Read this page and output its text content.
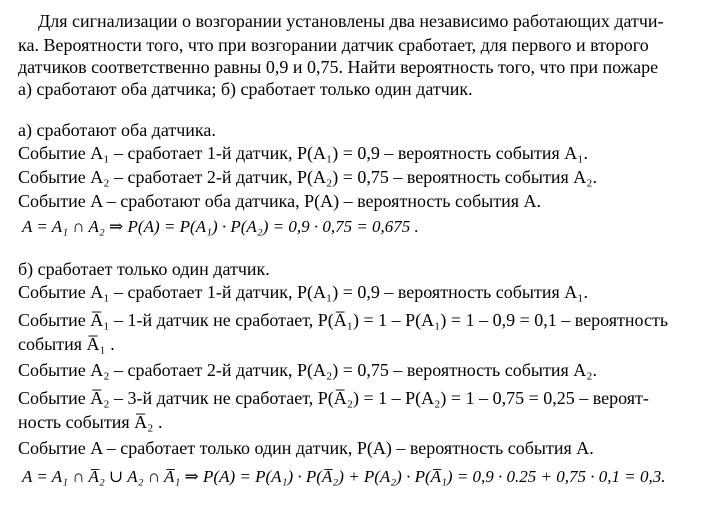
Для сигнализации о возгорании установлены два независимо работающих датчи-
ка. Вероятности того, что при возгорании датчик сработает, для первого и второго
датчиков соответственно равны 0,9 и 0,75. Найти вероятность того, что при пожаре
а) сработают оба датчика; б) сработает только один датчик.
а) сработают оба датчика.
Событие A₁ – сработает 1-й датчик, P(A₁) = 0,9 – вероятность события A₁.
Событие A₂ – сработает 2-й датчик, P(A₂) = 0,75 – вероятность события A₂.
Событие A – сработают оба датчика, P(A) – вероятность события A.
A = A₁ ∩ A₂ ⇒ P(A) = P(A₁) · P(A₂) = 0,9 · 0,75 = 0,675 .
б) сработает только один датчик.
Событие A₁ – сработает 1-й датчик, P(A₁) = 0,9 – вероятность события A₁.
Событие A̅₁ – 1-й датчик не сработает, P(A̅₁) = 1 – P(A₁) = 1 – 0,9 = 0,1 – вероятность
события A̅₁ .
Событие A₂ – сработает 2-й датчик, P(A₂) = 0,75 – вероятность события A₂.
Событие A̅₂ – 3-й датчик не сработает, P(A̅₂) = 1 – P(A₂) = 1 – 0,75 = 0,25 – вероят-
ность события A̅₂ .
Событие A – сработает только один датчик, P(A) – вероятность события A.
A = A₁ ∩ A̅₂ ∪ A₂ ∩ A̅₁ ⇒ P(A) = P(A₁) · P(A̅₂) + P(A₂) · P(A̅₁) = 0,9 · 0.25 + 0,75 · 0,1 = 0,3.
